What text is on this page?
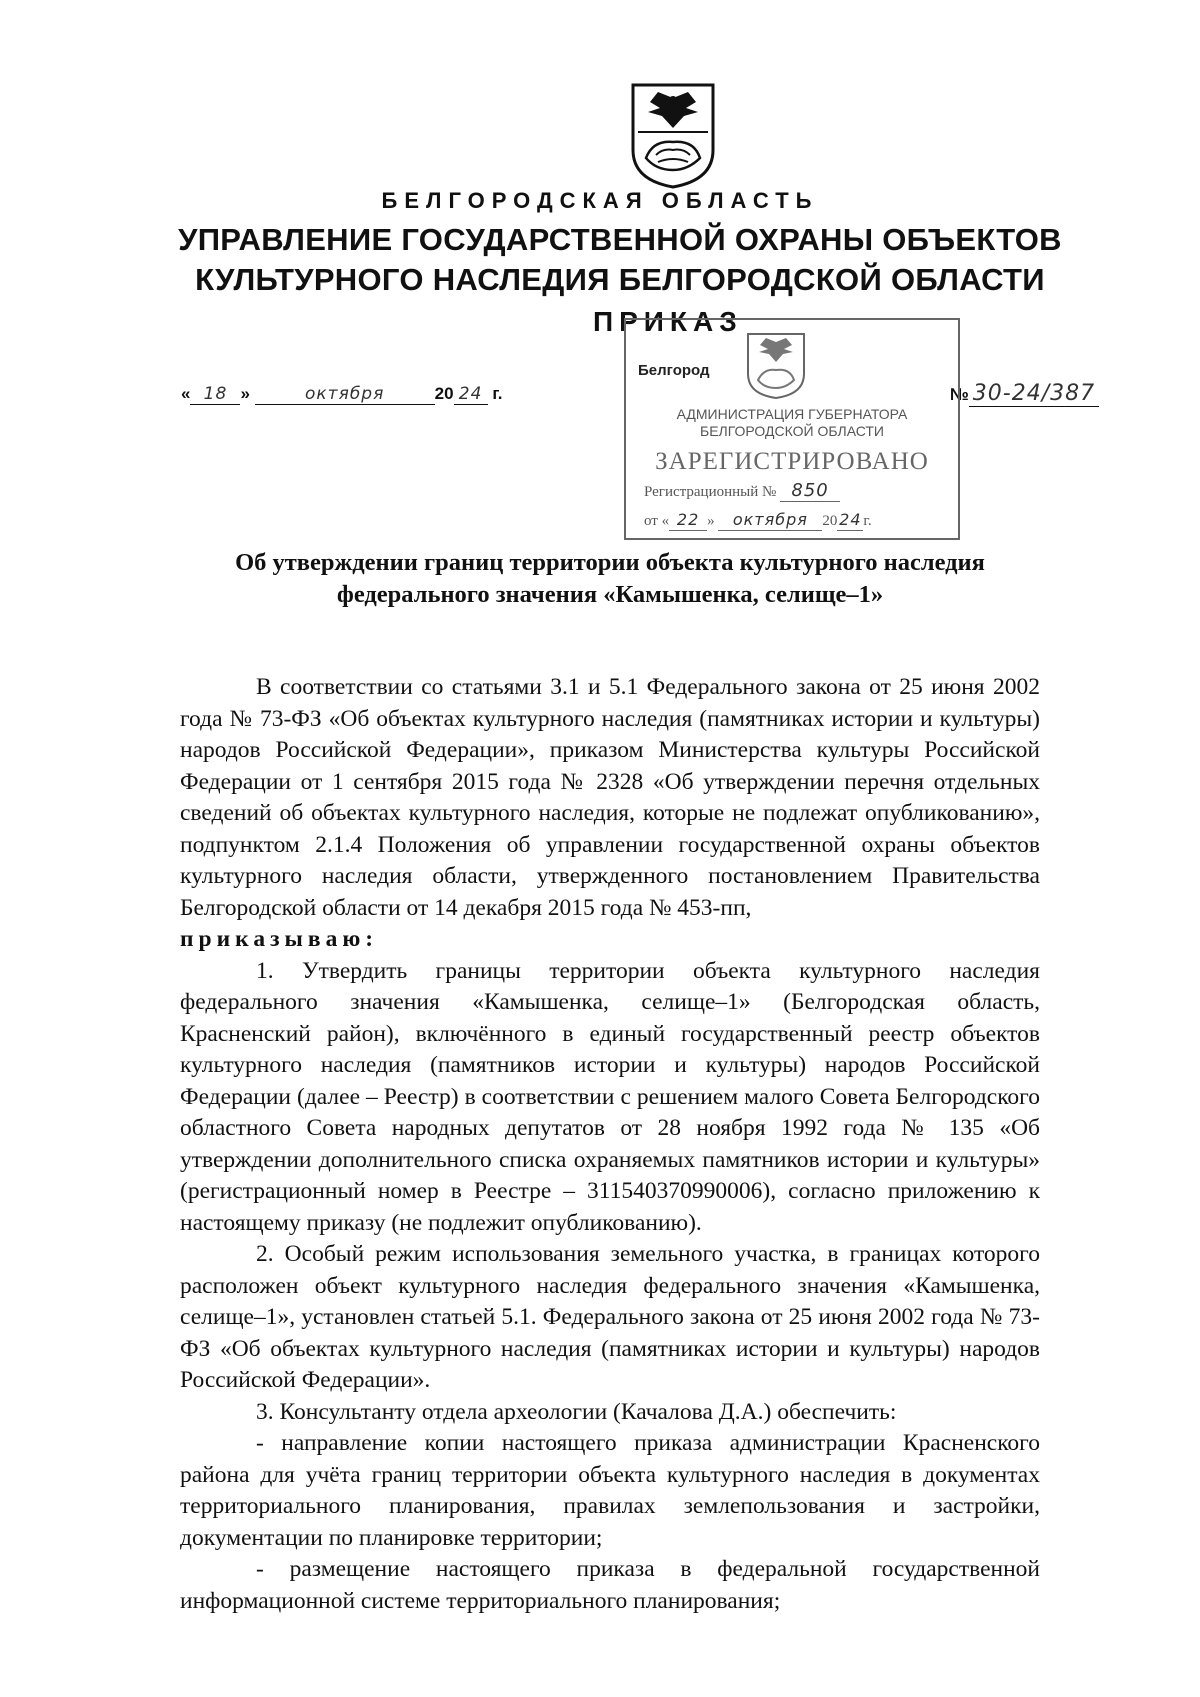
БЕЛГОРОДСКАЯ ОБЛАСТЬ
УПРАВЛЕНИЕ ГОСУДАРСТВЕННОЙ ОХРАНЫ ОБЪЕКТОВ
КУЛЬТУРНОГО НАСЛЕДИЯ БЕЛГОРОДСКОЙ ОБЛАСТИ
ПРИКАЗ
« 18 »	октября	20 24 г.	№ 30-24/387
Белгород
АДМИНИСТРАЦИЯ ГУБЕРНАТОРА
БЕЛГОРОДСКОЙ ОБЛАСТИ
ЗАРЕГИСТРИРОВАНО
Регистрационный № 850
от « 22 » октября 20 24 г.
Об утверждении границ территории объекта культурного наследия
федерального значения «Камышенка, селище–1»

В соответствии со статьями 3.1 и 5.1 Федерального закона от 25 июня 2002 года № 73-ФЗ «Об объектах культурного наследия (памятниках истории и культуры) народов Российской Федерации», приказом Министерства культуры Российской Федерации от 1 сентября 2015 года № 2328 «Об утверждении перечня отдельных сведений об объектах культурного наследия, которые не подлежат опубликованию», подпунктом 2.1.4 Положения об управлении государственной охраны объектов культурного наследия области, утвержденного постановлением Правительства Белгородской области от 14 декабря 2015 года № 453-пп,
приказываю:

1. Утвердить границы территории объекта культурного наследия федерального значения «Камышенка, селище–1» (Белгородская область, Красненский район), включённого в единый государственный реестр объектов культурного наследия (памятников истории и культуры) народов Российской Федерации (далее – Реестр) в соответствии с решением малого Совета Белгородского областного Совета народных депутатов от 28 ноября 1992 года № 135 «Об утверждении дополнительного списка охраняемых памятников истории и культуры» (регистрационный номер в Реестре – 311540370990006), согласно приложению к настоящему приказу (не подлежит опубликованию).

2. Особый режим использования земельного участка, в границах которого расположен объект культурного наследия федерального значения «Камышенка, селище–1», установлен статьей 5.1. Федерального закона от 25 июня 2002 года № 73-ФЗ «Об объектах культурного наследия (памятниках истории и культуры) народов Российской Федерации».

3. Консультанту отдела археологии (Качалова Д.А.) обеспечить:

- направление копии настоящего приказа администрации Красненского района для учёта границ территории объекта культурного наследия в документах территориального планирования, правилах землепользования и застройки, документации по планировке территории;

- размещение настоящего приказа в федеральной государственной информационной системе территориального планирования;
